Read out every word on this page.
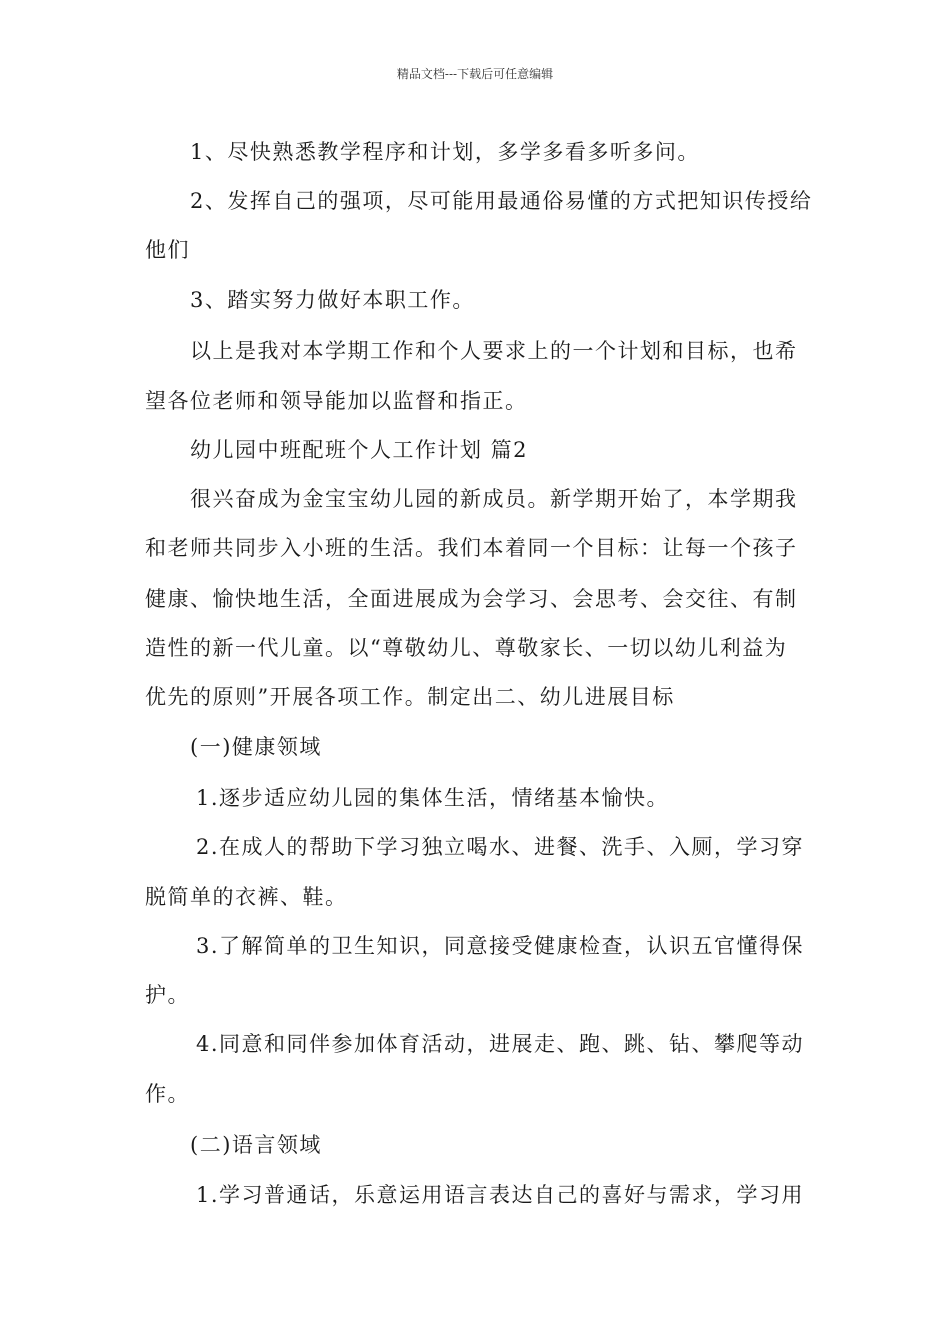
精品文档---下载后可任意编辑
1、尽快熟悉教学程序和计划，多学多看多听多问。
2、发挥自己的强项，尽可能用最通俗易懂的方式把知识传授给
他们
3、踏实努力做好本职工作。
以上是我对本学期工作和个人要求上的一个计划和目标，也希
望各位老师和领导能加以监督和指正。
幼儿园中班配班个人工作计划 篇2
很兴奋成为金宝宝幼儿园的新成员。新学期开始了，本学期我
和老师共同步入小班的生活。我们本着同一个目标：让每一个孩子
健康、愉快地生活，全面进展成为会学习、会思考、会交往、有制
造性的新一代儿童。以“尊敬幼儿、尊敬家长、一切以幼儿利益为
优先的原则”开展各项工作。制定出二、幼儿进展目标
(一)健康领域
1.逐步适应幼儿园的集体生活，情绪基本愉快。
2.在成人的帮助下学习独立喝水、进餐、洗手、入厕，学习穿
脱简单的衣裤、鞋。
3.了解简单的卫生知识，同意接受健康检查，认识五官懂得保
护。
4.同意和同伴参加体育活动，进展走、跑、跳、钻、攀爬等动
作。
(二)语言领域
1.学习普通话，乐意运用语言表达自己的喜好与需求，学习用
